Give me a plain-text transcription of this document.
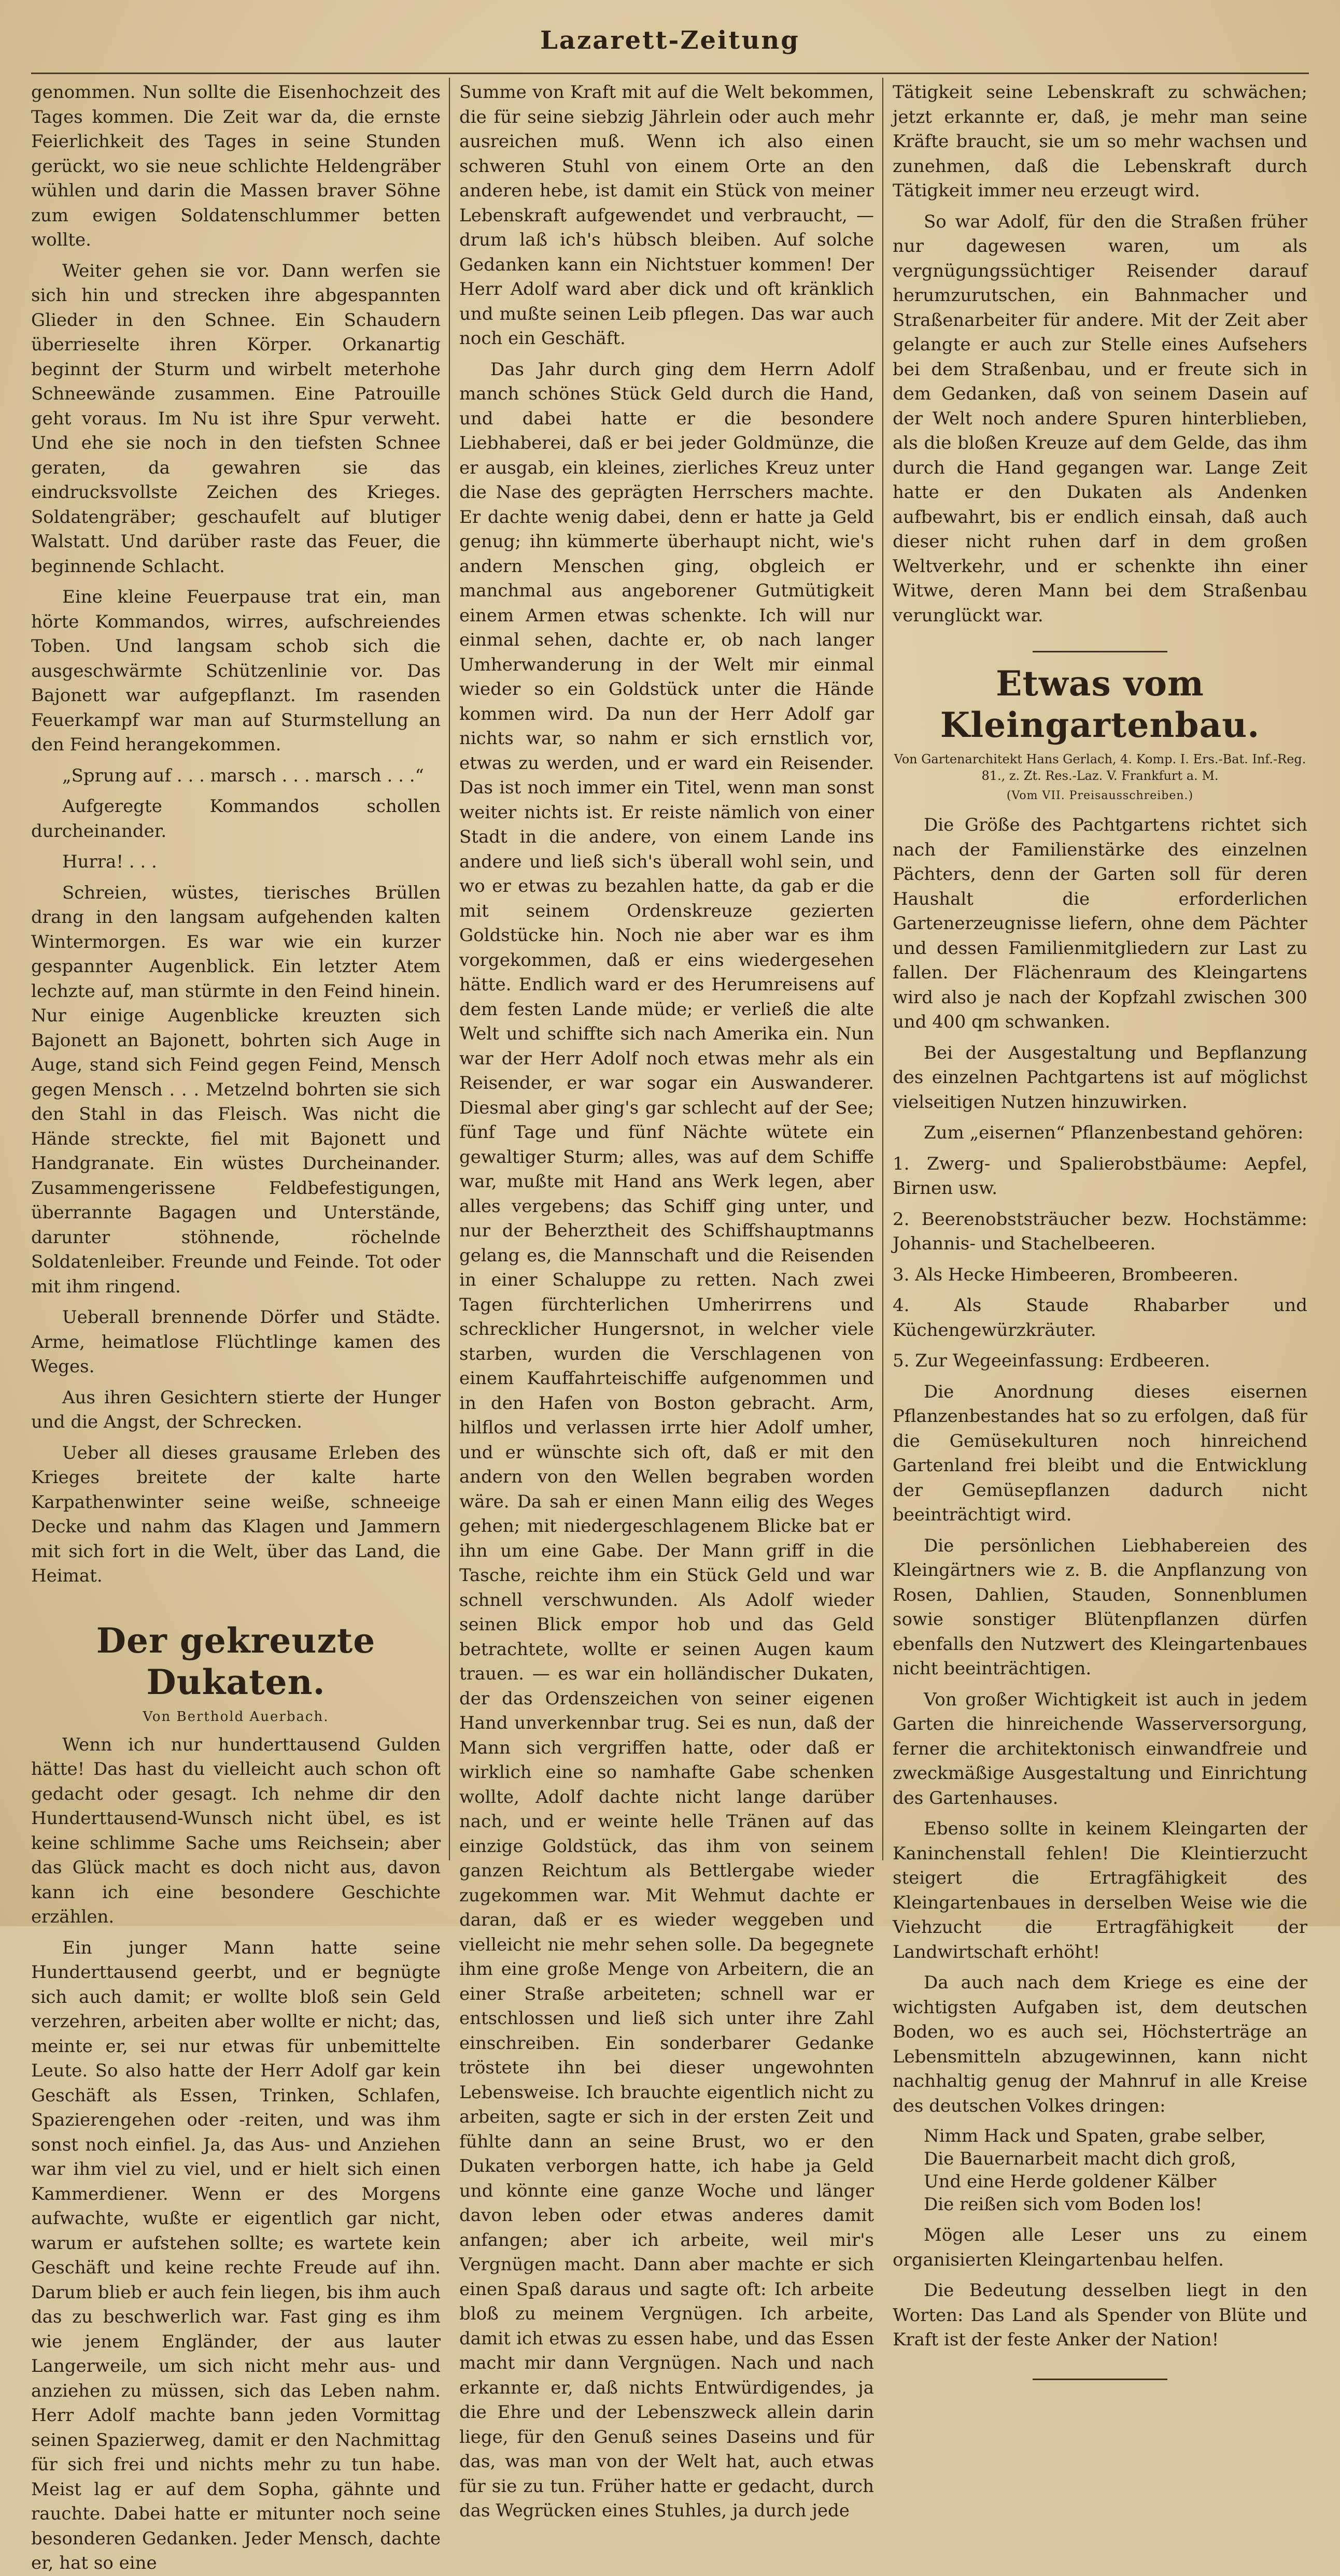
Lazarett-Zeitung

genommen. Nun sollte die Eisenhochzeit des Tages kommen. Die Zeit war da, die ernste Feierlichkeit des Tages in seine Stunden gerückt, wo sie neue schlichte Heldengräber wühlen und darin die Massen braver Söhne zum ewigen Soldatenschlummer betten wollte.

Weiter gehen sie vor. Dann werfen sie sich hin und strecken ihre abgespannten Glieder in den Schnee. Ein Schaudern überrieselte ihren Körper. Orkanartig beginnt der Sturm und wirbelt meterhohe Schneewände zusammen. Eine Patrouille geht voraus. Im Nu ist ihre Spur verweht. Und ehe sie noch in den tiefsten Schnee geraten, da gewahren sie das eindrucksvollste Zeichen des Krieges. Soldatengräber; geschaufelt auf blutiger Walstatt. Und darüber raste das Feuer, die beginnende Schlacht.

Eine kleine Feuerpause trat ein, man hörte Kommandos, wirres, aufschreiendes Toben. Und langsam schob sich die ausgeschwärmte Schützenlinie vor. Das Bajonett war aufgepflanzt. Im rasenden Feuerkampf war man auf Sturmstellung an den Feind herangekommen.

„Sprung auf . . . marsch . . . marsch . . .“

Aufgeregte Kommandos schollen durcheinander.

Hurra! . . .

Schreien, wüstes, tierisches Brüllen drang in den langsam aufgehenden kalten Wintermorgen. Es war wie ein kurzer gespannter Augenblick. Ein letzter Atem lechzte auf, man stürmte in den Feind hinein. Nur einige Augenblicke kreuzten sich Bajonett an Bajonett, bohrten sich Auge in Auge, stand sich Feind gegen Feind, Mensch gegen Mensch . . . Metzelnd bohrten sie sich den Stahl in das Fleisch. Was nicht die Hände streckte, fiel mit Bajonett und Handgranate. Ein wüstes Durcheinander. Zusammengerissene Feldbefestigungen, überrannte Bagagen und Unterstände, darunter stöhnende, röchelnde Soldatenleiber. Freunde und Feinde. Tot oder mit ihm ringend.

Ueberall brennende Dörfer und Städte. Arme, heimatlose Flüchtlinge kamen des Weges.

Aus ihren Gesichtern stierte der Hunger und die Angst, der Schrecken.

Ueber all dieses grausame Erleben des Krieges breitete der kalte harte Karpathenwinter seine weiße, schneeige Decke und nahm das Klagen und Jammern mit sich fort in die Welt, über das Land, die Heimat.

Der gekreuzte Dukaten.
Von Berthold Auerbach.

Wenn ich nur hunderttausend Gulden hätte! Das hast du vielleicht auch schon oft gedacht oder gesagt. Ich nehme dir den Hunderttausend-Wunsch nicht übel, es ist keine schlimme Sache ums Reichsein; aber das Glück macht es doch nicht aus, davon kann ich eine besondere Geschichte erzählen.

Ein junger Mann hatte seine Hunderttausend geerbt, und er begnügte sich auch damit; er wollte bloß sein Geld verzehren, arbeiten aber wollte er nicht; das, meinte er, sei nur etwas für unbemittelte Leute. So also hatte der Herr Adolf gar kein Geschäft als Essen, Trinken, Schlafen, Spazierengehen oder -reiten, und was ihm sonst noch einfiel. Ja, das Aus- und Anziehen war ihm viel zu viel, und er hielt sich einen Kammerdiener. Wenn er des Morgens aufwachte, wußte er eigentlich gar nicht, warum er aufstehen sollte; es wartete kein Geschäft und keine rechte Freude auf ihn. Darum blieb er auch fein liegen, bis ihm auch das zu beschwerlich war. Fast ging es ihm wie jenem Engländer, der aus lauter Langerweile, um sich nicht mehr aus- und anziehen zu müssen, sich das Leben nahm. Herr Adolf machte bann jeden Vormittag seinen Spazierweg, damit er den Nachmittag für sich frei und nichts mehr zu tun habe. Meist lag er auf dem Sopha, gähnte und rauchte. Dabei hatte er mitunter noch seine besonderen Gedanken. Jeder Mensch, dachte er, hat so eine

Summe von Kraft mit auf die Welt bekommen, die für seine siebzig Jährlein oder auch mehr ausreichen muß. Wenn ich also einen schweren Stuhl von einem Orte an den anderen hebe, ist damit ein Stück von meiner Lebenskraft aufgewendet und verbraucht, — drum laß ich's hübsch bleiben. Auf solche Gedanken kann ein Nichtstuer kommen! Der Herr Adolf ward aber dick und oft kränklich und mußte seinen Leib pflegen. Das war auch noch ein Geschäft.

Das Jahr durch ging dem Herrn Adolf manch schönes Stück Geld durch die Hand, und dabei hatte er die besondere Liebhaberei, daß er bei jeder Goldmünze, die er ausgab, ein kleines, zierliches Kreuz unter die Nase des geprägten Herrschers machte. Er dachte wenig dabei, denn er hatte ja Geld genug; ihn kümmerte überhaupt nicht, wie's andern Menschen ging, obgleich er manchmal aus angeborener Gutmütigkeit einem Armen etwas schenkte. Ich will nur einmal sehen, dachte er, ob nach langer Umherwanderung in der Welt mir einmal wieder so ein Goldstück unter die Hände kommen wird. Da nun der Herr Adolf gar nichts war, so nahm er sich ernstlich vor, etwas zu werden, und er ward ein Reisender. Das ist noch immer ein Titel, wenn man sonst weiter nichts ist. Er reiste nämlich von einer Stadt in die andere, von einem Lande ins andere und ließ sich's überall wohl sein, und wo er etwas zu bezahlen hatte, da gab er die mit seinem Ordenskreuze gezierten Goldstücke hin. Noch nie aber war es ihm vorgekommen, daß er eins wiedergesehen hätte. Endlich ward er des Herumreisens auf dem festen Lande müde; er verließ die alte Welt und schiffte sich nach Amerika ein. Nun war der Herr Adolf noch etwas mehr als ein Reisender, er war sogar ein Auswanderer. Diesmal aber ging's gar schlecht auf der See; fünf Tage und fünf Nächte wütete ein gewaltiger Sturm; alles, was auf dem Schiffe war, mußte mit Hand ans Werk legen, aber alles vergebens; das Schiff ging unter, und nur der Beherztheit des Schiffshauptmanns gelang es, die Mannschaft und die Reisenden in einer Schaluppe zu retten. Nach zwei Tagen fürchterlichen Umherirrens und schrecklicher Hungersnot, in welcher viele starben, wurden die Verschlagenen von einem Kauffahrteischiffe aufgenommen und in den Hafen von Boston gebracht. Arm, hilflos und verlassen irrte hier Adolf umher, und er wünschte sich oft, daß er mit den andern von den Wellen begraben worden wäre. Da sah er einen Mann eilig des Weges gehen; mit niedergeschlagenem Blicke bat er ihn um eine Gabe. Der Mann griff in die Tasche, reichte ihm ein Stück Geld und war schnell verschwunden. Als Adolf wieder seinen Blick empor hob und das Geld betrachtete, wollte er seinen Augen kaum trauen. — es war ein holländischer Dukaten, der das Ordenszeichen von seiner eigenen Hand unverkennbar trug. Sei es nun, daß der Mann sich vergriffen hatte, oder daß er wirklich eine so namhafte Gabe schenken wollte, Adolf dachte nicht lange darüber nach, und er weinte helle Tränen auf das einzige Goldstück, das ihm von seinem ganzen Reichtum als Bettlergabe wieder zugekommen war. Mit Wehmut dachte er daran, daß er es wieder weggeben und vielleicht nie mehr sehen solle. Da begegnete ihm eine große Menge von Arbeitern, die an einer Straße arbeiteten; schnell war er entschlossen und ließ sich unter ihre Zahl einschreiben. Ein sonderbarer Gedanke tröstete ihn bei dieser ungewohnten Lebensweise. Ich brauchte eigentlich nicht zu arbeiten, sagte er sich in der ersten Zeit und fühlte dann an seine Brust, wo er den Dukaten verborgen hatte, ich habe ja Geld und könnte eine ganze Woche und länger davon leben oder etwas anderes damit anfangen; aber ich arbeite, weil mir's Vergnügen macht. Dann aber machte er sich einen Spaß daraus und sagte oft: Ich arbeite bloß zu meinem Vergnügen. Ich arbeite, damit ich etwas zu essen habe, und das Essen macht mir dann Vergnügen. Nach und nach erkannte er, daß nichts Entwürdigendes, ja die Ehre und der Lebenszweck allein darin liege, für den Genuß seines Daseins und für das, was man von der Welt hat, auch etwas für sie zu tun. Früher hatte er gedacht, durch das Wegrücken eines Stuhles, ja durch jede

Tätigkeit seine Lebenskraft zu schwächen; jetzt erkannte er, daß, je mehr man seine Kräfte braucht, sie um so mehr wachsen und zunehmen, daß die Lebenskraft durch Tätigkeit immer neu erzeugt wird.

So war Adolf, für den die Straßen früher nur dagewesen waren, um als vergnügungssüchtiger Reisender darauf herumzurutschen, ein Bahnmacher und Straßenarbeiter für andere. Mit der Zeit aber gelangte er auch zur Stelle eines Aufsehers bei dem Straßenbau, und er freute sich in dem Gedanken, daß von seinem Dasein auf der Welt noch andere Spuren hinterblieben, als die bloßen Kreuze auf dem Gelde, das ihm durch die Hand gegangen war. Lange Zeit hatte er den Dukaten als Andenken aufbewahrt, bis er endlich einsah, daß auch dieser nicht ruhen darf in dem großen Weltverkehr, und er schenkte ihn einer Witwe, deren Mann bei dem Straßenbau verunglückt war.

Etwas vom Kleingartenbau.
Von Gartenarchitekt Hans Gerlach, 4. Komp. I. Ers.-Bat. Inf.-Reg. 81., z. Zt. Res.-Laz. V. Frankfurt a. M.
(Vom VII. Preisausschreiben.)

Die Größe des Pachtgartens richtet sich nach der Familienstärke des einzelnen Pächters, denn der Garten soll für deren Haushalt die erforderlichen Gartenerzeugnisse liefern, ohne dem Pächter und dessen Familienmitgliedern zur Last zu fallen. Der Flächenraum des Kleingartens wird also je nach der Kopfzahl zwischen 300 und 400 qm schwanken.

Bei der Ausgestaltung und Bepflanzung des einzelnen Pachtgartens ist auf möglichst vielseitigen Nutzen hinzuwirken.

Zum „eisernen“ Pflanzenbestand gehören:

1. Zwerg- und Spalierobstbäume: Aepfel, Birnen usw.

2. Beerenobststräucher bezw. Hochstämme: Johannis- und Stachelbeeren.

3. Als Hecke Himbeeren, Brombeeren.

4. Als Staude Rhabarber und Küchengewürzkräuter.

5. Zur Wegeeinfassung: Erdbeeren.

Die Anordnung dieses eisernen Pflanzenbestandes hat so zu erfolgen, daß für die Gemüsekulturen noch hinreichend Gartenland frei bleibt und die Entwicklung der Gemüsepflanzen dadurch nicht beeinträchtigt wird.

Die persönlichen Liebhabereien des Kleingärtners wie z. B. die Anpflanzung von Rosen, Dahlien, Stauden, Sonnenblumen sowie sonstiger Blütenpflanzen dürfen ebenfalls den Nutzwert des Kleingartenbaues nicht beeinträchtigen.

Von großer Wichtigkeit ist auch in jedem Garten die hinreichende Wasserversorgung, ferner die architektonisch einwandfreie und zweckmäßige Ausgestaltung und Einrichtung des Gartenhauses.

Ebenso sollte in keinem Kleingarten der Kaninchenstall fehlen! Die Kleintierzucht steigert die Ertragfähigkeit des Kleingartenbaues in derselben Weise wie die Viehzucht die Ertragfähigkeit der Landwirtschaft erhöht!

Da auch nach dem Kriege es eine der wichtigsten Aufgaben ist, dem deutschen Boden, wo es auch sei, Höchsterträge an Lebensmitteln abzugewinnen, kann nicht nachhaltig genug der Mahnruf in alle Kreise des deutschen Volkes dringen:

Nimm Hack und Spaten, grabe selber,
Die Bauernarbeit macht dich groß,
Und eine Herde goldener Kälber
Die reißen sich vom Boden los!

Mögen alle Leser uns zu einem organisierten Kleingartenbau helfen.

Die Bedeutung desselben liegt in den Worten: Das Land als Spender von Blüte und Kraft ist der feste Anker der Nation!
